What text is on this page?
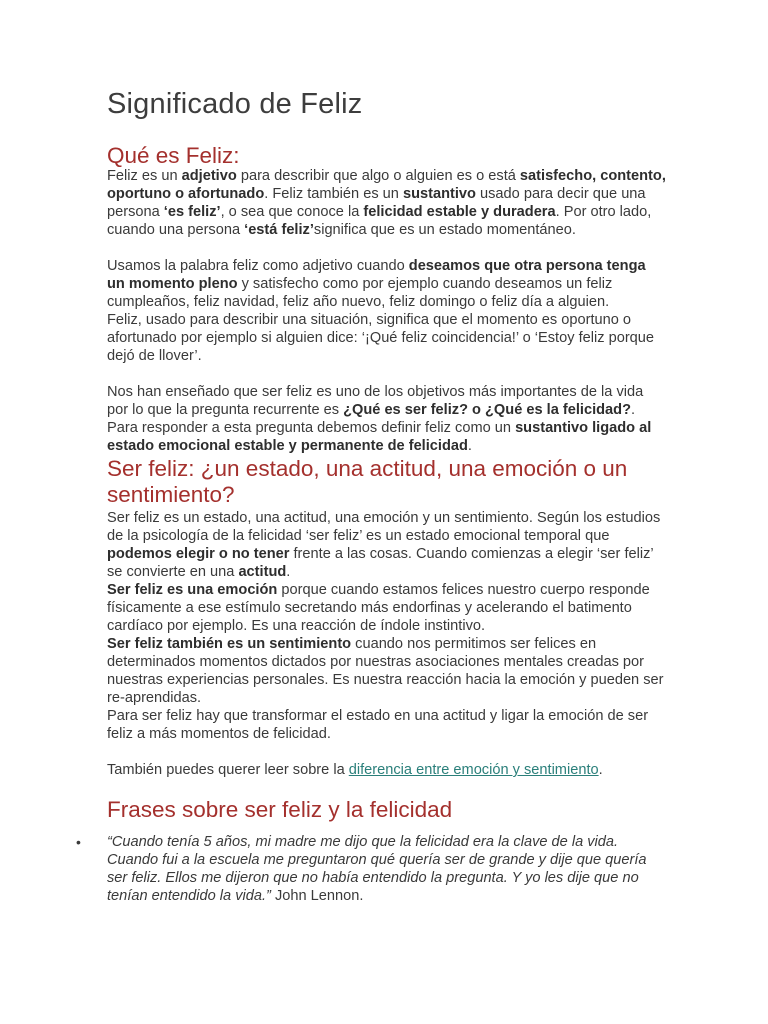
Significado de Feliz
Qué es Feliz:

Feliz es un adjetivo para describir que algo o alguien es o está satisfecho, contento, oportuno o afortunado. Feliz también es un sustantivo usado para decir que una persona ‘es feliz’, o sea que conoce la felicidad estable y duradera. Por otro lado, cuando una persona ‘está feliz’significa que es un estado momentáneo.

Usamos la palabra feliz como adjetivo cuando deseamos que otra persona tenga un momento pleno y satisfecho como por ejemplo cuando deseamos un feliz cumpleaños, feliz navidad, feliz año nuevo, feliz domingo o feliz día a alguien.

Feliz, usado para describir una situación, significa que el momento es oportuno o afortunado por ejemplo si alguien dice: ‘¡Qué feliz coincidencia!’ o ‘Estoy feliz porque dejó de llover’.

Nos han enseñado que ser feliz es uno de los objetivos más importantes de la vida por lo que la pregunta recurrente es ¿Qué es ser feliz? o ¿Qué es la felicidad?. Para responder a esta pregunta debemos definir feliz como un sustantivo ligado al estado emocional estable y permanente de felicidad.

Ser feliz: ¿un estado, una actitud, una emoción o un
sentimiento?

Ser feliz es un estado, una actitud, una emoción y un sentimiento. Según los estudios de la psicología de la felicidad ‘ser feliz’ es un estado emocional temporal que podemos elegir o no tener frente a las cosas. Cuando comienzas a elegir ‘ser feliz’ se convierte en una actitud.

Ser feliz es una emoción porque cuando estamos felices nuestro cuerpo responde físicamente a ese estímulo secretando más endorfinas y acelerando el batimento cardíaco por ejemplo. Es una reacción de índole instintivo.

Ser feliz también es un sentimiento cuando nos permitimos ser felices en determinados momentos dictados por nuestras asociaciones mentales creadas por nuestras experiencias personales. Es nuestra reacción hacia la emoción y pueden ser re-aprendidas.

Para ser feliz hay que transformar el estado en una actitud y ligar la emoción de ser feliz a más momentos de felicidad.

También puedes querer leer sobre la diferencia entre emoción y sentimiento.

Frases sobre ser feliz y la felicidad
•	“Cuando tenía 5 años, mi madre me dijo que la felicidad era la clave de la vida. Cuando fui a la escuela me preguntaron qué quería ser de grande y dije que quería ser feliz. Ellos me dijeron que no había entendido la pregunta. Y yo les dije que no tenían entendido la vida.” John Lennon.
